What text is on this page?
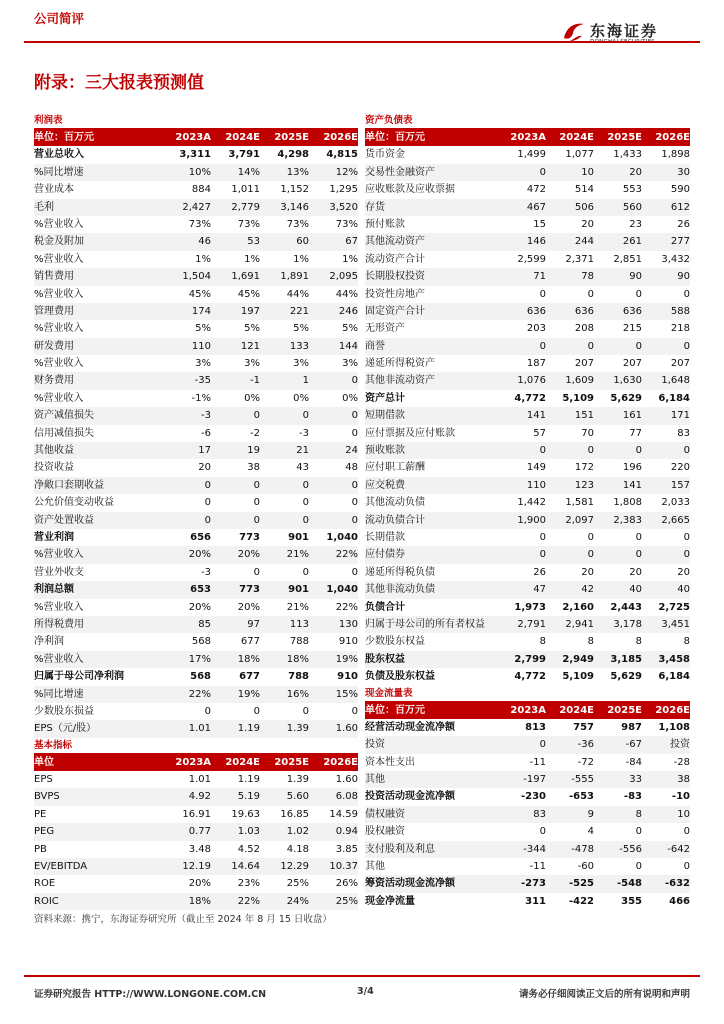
公司简评
东海证券
附录：三大报表预测值
利润表
单位：百万元	2023A	2024E	2025E	2026E
营业总收入	3,311	3,791	4,298	4,815
%同比增速	10%	14%	13%	12%
营业成本	884	1,011	1,152	1,295
毛利	2,427	2,779	3,146	3,520
%营业收入	73%	73%	73%	73%
税金及附加	46	53	60	67
%营业收入	1%	1%	1%	1%
销售费用	1,504	1,691	1,891	2,095
%营业收入	45%	45%	44%	44%
管理费用	174	197	221	246
%营业收入	5%	5%	5%	5%
研发费用	110	121	133	144
%营业收入	3%	3%	3%	3%
财务费用	-35	-1	1	0
%营业收入	-1%	0%	0%	0%
资产减值损失	-3	0	0	0
信用减值损失	-6	-2	-3	0
其他收益	17	19	21	24
投资收益	20	38	43	48
净敞口套期收益	0	0	0	0
公允价值变动收益	0	0	0	0
资产处置收益	0	0	0	0
营业利润	656	773	901	1,040
%营业收入	20%	20%	21%	22%
营业外收支	-3	0	0	0
利润总额	653	773	901	1,040
%营业收入	20%	20%	21%	22%
所得税费用	85	97	113	130
净利润	568	677	788	910
%营业收入	17%	18%	18%	19%
归属于母公司净利润	568	677	788	910
%同比增速	22%	19%	16%	15%
少数股东损益	0	0	0	0
EPS（元/股）	1.01	1.19	1.39	1.60
基本指标
单位	2023A	2024E	2025E	2026E
EPS	1.01	1.19	1.39	1.60
BVPS	4.92	5.19	5.60	6.08
PE	16.91	19.63	16.85	14.59
PEG	0.77	1.03	1.02	0.94
PB	3.48	4.52	4.18	3.85
EV/EBITDA	12.19	14.64	12.29	10.37
ROE	20%	23%	25%	26%
ROIC	18%	22%	24%	25%
资产负债表
单位：百万元	2023A	2024E	2025E	2026E
货币资金	1,499	1,077	1,433	1,898
交易性金融资产	0	10	20	30
应收账款及应收票据	472	514	553	590
存货	467	506	560	612
预付账款	15	20	23	26
其他流动资产	146	244	261	277
流动资产合计	2,599	2,371	2,851	3,432
长期股权投资	71	78	90	90
投资性房地产	0	0	0	0
固定资产合计	636	636	636	588
无形资产	203	208	215	218
商誉	0	0	0	0
递延所得税资产	187	207	207	207
其他非流动资产	1,076	1,609	1,630	1,648
资产总计	4,772	5,109	5,629	6,184
短期借款	141	151	161	171
应付票据及应付账款	57	70	77	83
预收账款	0	0	0	0
应付职工薪酬	149	172	196	220
应交税费	110	123	141	157
其他流动负债	1,442	1,581	1,808	2,033
流动负债合计	1,900	2,097	2,383	2,665
长期借款	0	0	0	0
应付债券	0	0	0	0
递延所得税负债	26	20	20	20
其他非流动负债	47	42	40	40
负债合计	1,973	2,160	2,443	2,725
归属于母公司的所有者权益	2,791	2,941	3,178	3,451
少数股东权益	8	8	8	8
股东权益	2,799	2,949	3,185	3,458
负债及股东权益	4,772	5,109	5,629	6,184
现金流量表
单位：百万元	2023A	2024E	2025E	2026E
经营活动现金流净额	813	757	987	1,108
投资	0	-36	-67	投资
资本性支出	-11	-72	-84	-28
其他	-197	-555	33	38
投资活动现金流净额	-230	-653	-83	-10
债权融资	83	9	8	10
股权融资	0	4	0	0
支付股利及利息	-344	-478	-556	-642
其他	-11	-60	0	0
筹资活动现金流净额	-273	-525	-548	-632
现金净流量	311	-422	355	466
资料来源：携宁，东海证券研究所（截止至 2024 年 8 月 15 日收盘）
证券研究报告 HTTP://WWW.LONGONE.COM.CN	3/4	请务必仔细阅读正文后的所有说明和声明
